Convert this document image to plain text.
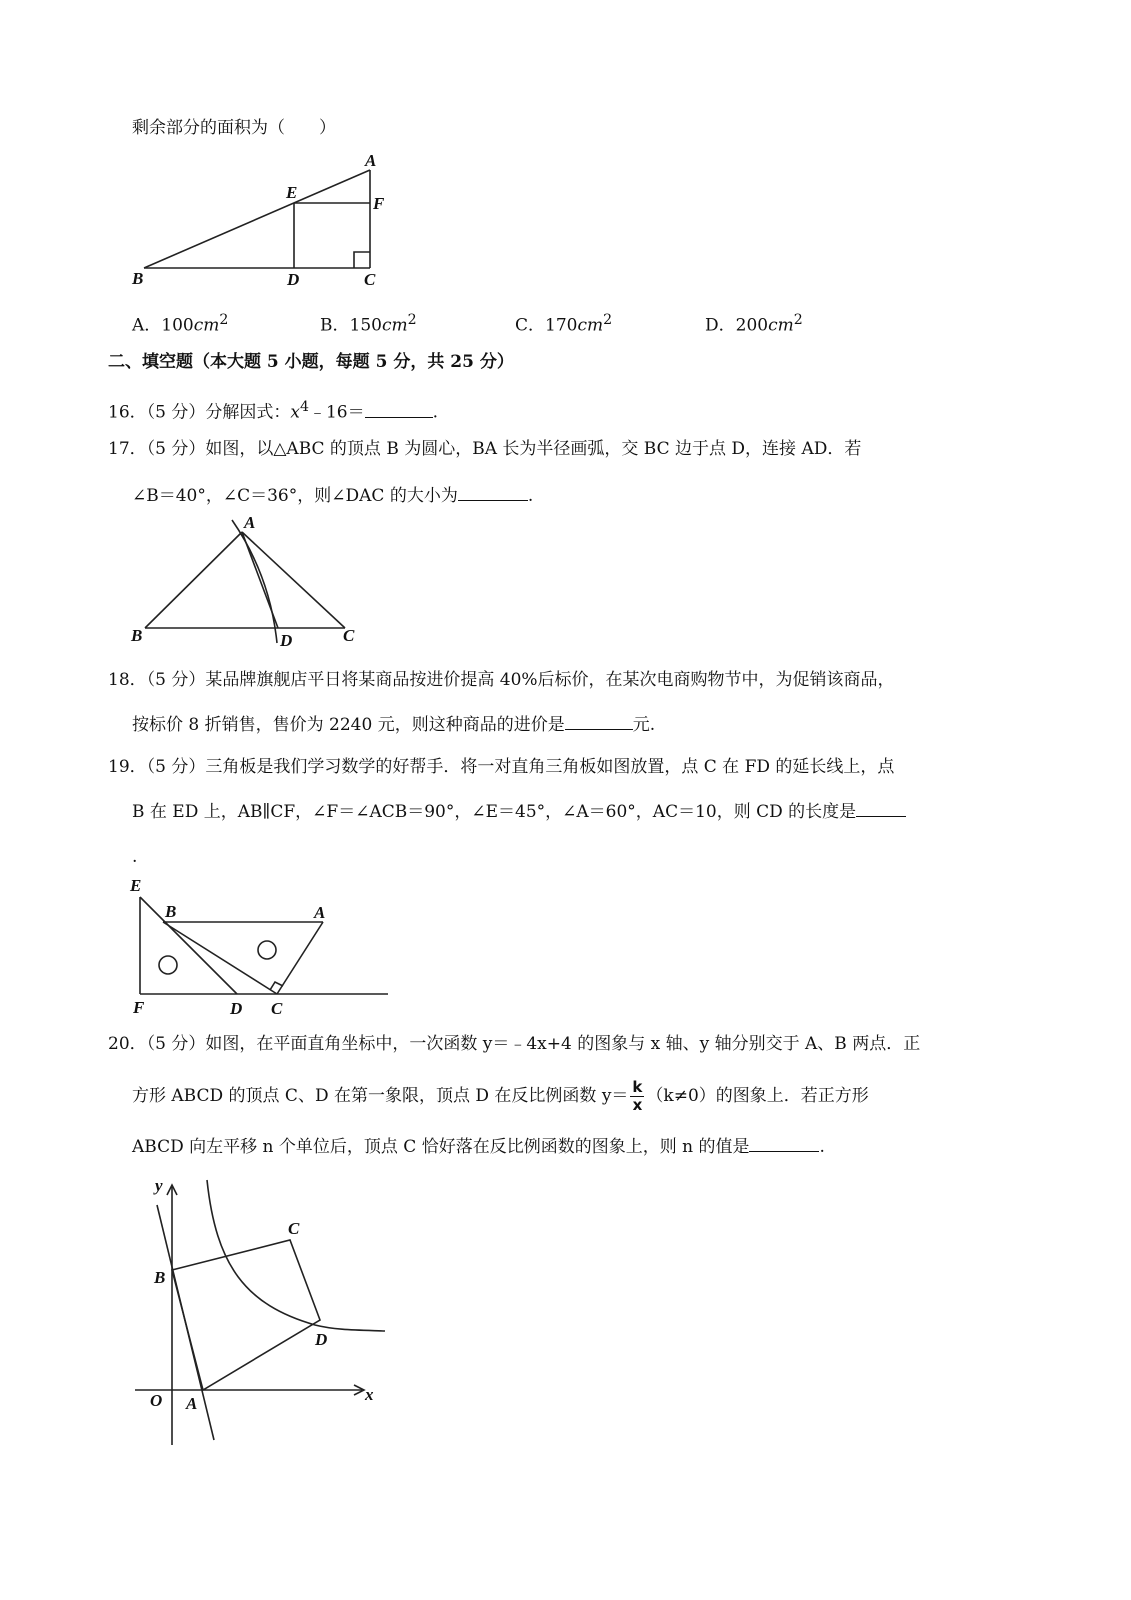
剩余部分的面积为（　　）
A
E
F
B	D	C
A．$100cm^2$	B．$150cm^2$	C．$170cm^2$	D．$200cm^2$
二、填空题（本大题 5 小题，每题 5 分，共 25 分）
16．（5 分）分解因式：$x^4﹣16=$	.
17．（5 分）如图，以△ABC 的顶点 B 为圆心，BA 长为半径画弧，交 BC 边于点 D，连接 AD．若
∠B＝40°，∠C＝36°，则∠DAC 的大小为	.
A
B	D	C
18．（5 分）某品牌旗舰店平日将某商品按进价提高 40%后标价，在某次电商购物节中，为促销该商品，
按标价 8 折销售，售价为 2240 元，则这种商品的进价是	元.
19．（5 分）三角板是我们学习数学的好帮手．将一对直角三角板如图放置，点 C 在 FD 的延长线上，点
B 在 ED 上，AB∥CF，∠F＝∠ACB＝90°，∠E＝45°，∠A＝60°，AC＝10，则 CD 的长度是
.
E
B	A
F	D C
20．（5 分）如图，在平面直角坐标中，一次函数 y＝﹣4x+4 的图象与 x 轴、y 轴分别交于 A、B 两点．正
方形 ABCD 的顶点 C、D 在第一象限，顶点 D 在反比例函数 $y= \frac{k}{x} (k\ne 0)$的图象上．若正方形
ABCD 向左平移 n 个单位后，顶点 C 恰好落在反比例函数的图象上，则 n 的值是	.
y
x
O A
B
C
D
